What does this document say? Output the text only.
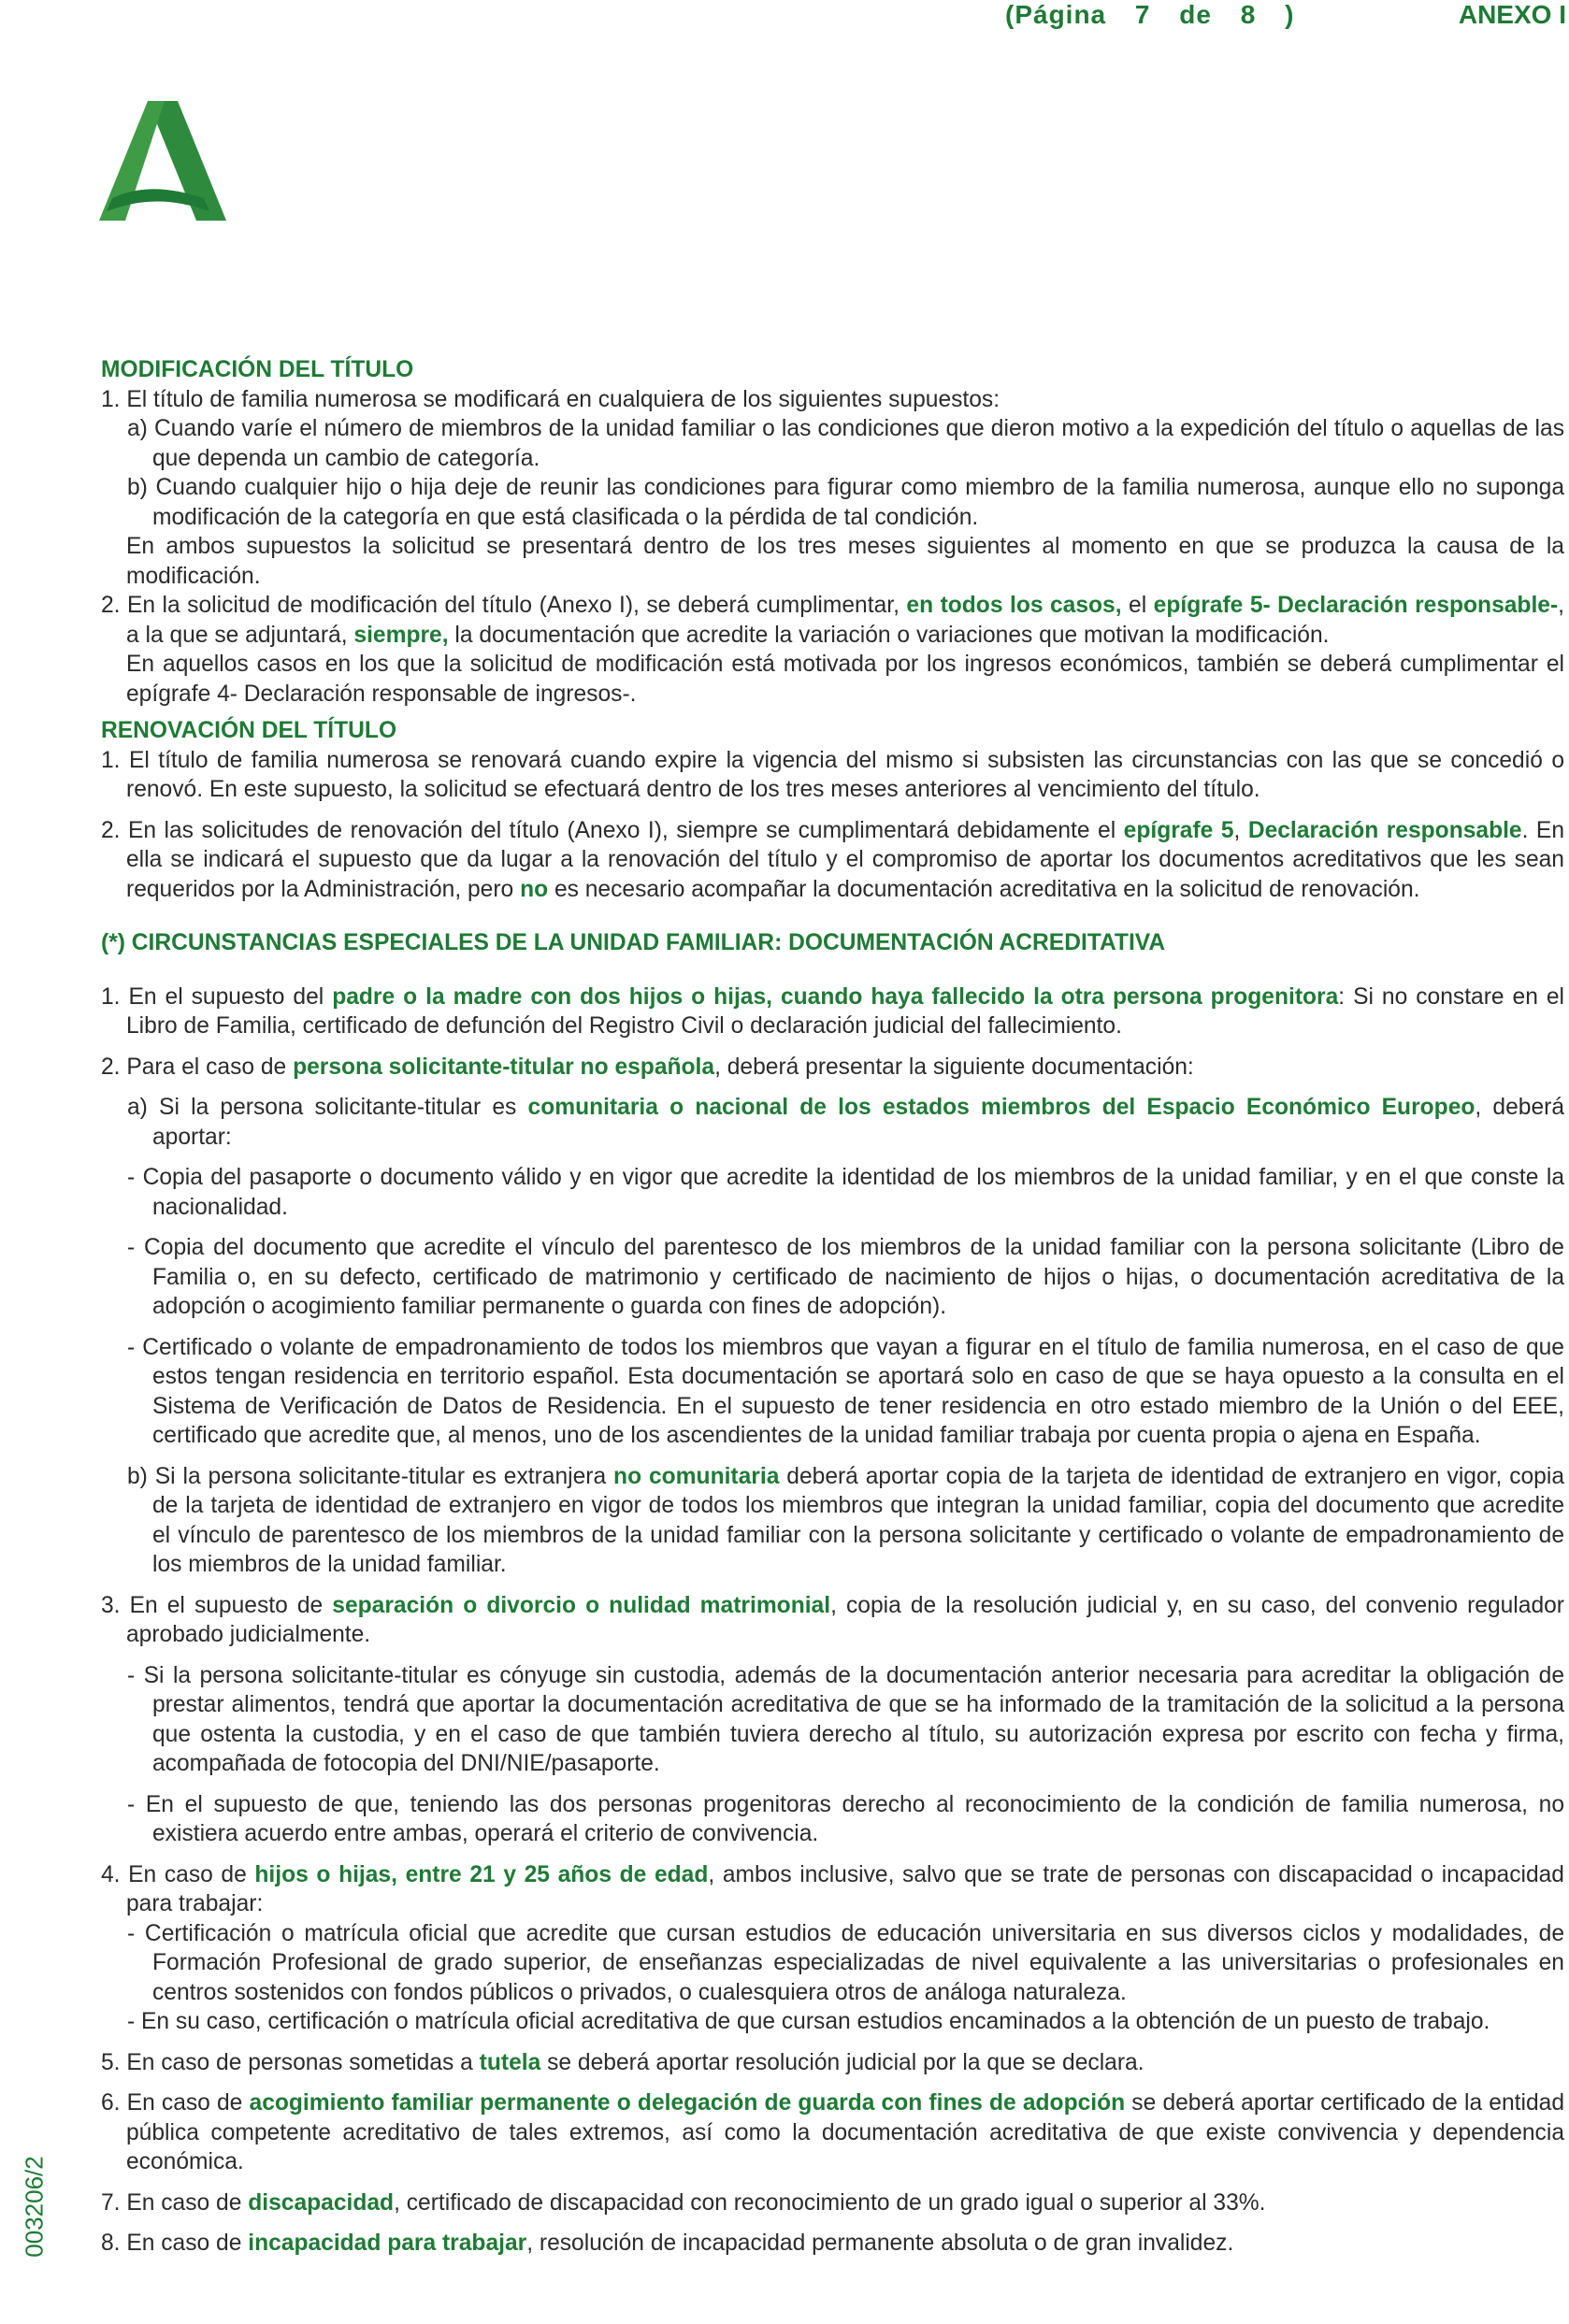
(Página 7 de 8 )	ANEXO I
003206/2

MODIFICACIÓN DEL TÍTULO

1. El título de familia numerosa se modificará en cualquiera de los siguientes supuestos:

a) Cuando varíe el número de miembros de la unidad familiar o las condiciones que dieron motivo a la expedición del título o aquellas de las que dependa un cambio de categoría.

b) Cuando cualquier hijo o hija deje de reunir las condiciones para figurar como miembro de la familia numerosa, aunque ello no suponga modificación de la categoría en que está clasificada o la pérdida de tal condición.

En ambos supuestos la solicitud se presentará dentro de los tres meses siguientes al momento en que se produzca la causa de la modificación.

2. En la solicitud de modificación del título (Anexo I), se deberá cumplimentar, en todos los casos, el epígrafe 5- Declaración responsable-, a la que se adjuntará, siempre, la documentación que acredite la variación o variaciones que motivan la modificación.

En aquellos casos en los que la solicitud de modificación está motivada por los ingresos económicos, también se deberá cumplimentar el epígrafe 4- Declaración responsable de ingresos-.

RENOVACIÓN DEL TÍTULO

1. El título de familia numerosa se renovará cuando expire la vigencia del mismo si subsisten las circunstancias con las que se concedió o renovó. En este supuesto, la solicitud se efectuará dentro de los tres meses anteriores al vencimiento del título.

2. En las solicitudes de renovación del título (Anexo I), siempre se cumplimentará debidamente el epígrafe 5, Declaración responsable. En ella se indicará el supuesto que da lugar a la renovación del título y el compromiso de aportar los documentos acreditativos que les sean requeridos por la Administración, pero no es necesario acompañar la documentación acreditativa en la solicitud de renovación.

(*) CIRCUNSTANCIAS ESPECIALES DE LA UNIDAD FAMILIAR: DOCUMENTACIÓN ACREDITATIVA

1. En el supuesto del padre o la madre con dos hijos o hijas, cuando haya fallecido la otra persona progenitora: Si no constare en el Libro de Familia, certificado de defunción del Registro Civil o declaración judicial del fallecimiento.

2. Para el caso de persona solicitante-titular no española, deberá presentar la siguiente documentación:

a) Si la persona solicitante-titular es comunitaria o nacional de los estados miembros del Espacio Económico Europeo, deberá aportar:

- Copia del pasaporte o documento válido y en vigor que acredite la identidad de los miembros de la unidad familiar, y en el que conste la nacionalidad.

- Copia del documento que acredite el vínculo del parentesco de los miembros de la unidad familiar con la persona solicitante (Libro de Familia o, en su defecto, certificado de matrimonio y certificado de nacimiento de hijos o hijas, o documentación acreditativa de la adopción o acogimiento familiar permanente o guarda con fines de adopción).

- Certificado o volante de empadronamiento de todos los miembros que vayan a figurar en el título de familia numerosa, en el caso de que estos tengan residencia en territorio español. Esta documentación se aportará solo en caso de que se haya opuesto a la consulta en el Sistema de Verificación de Datos de Residencia. En el supuesto de tener residencia en otro estado miembro de la Unión o del EEE, certificado que acredite que, al menos, uno de los ascendientes de la unidad familiar trabaja por cuenta propia o ajena en España.

b) Si la persona solicitante-titular es extranjera no comunitaria deberá aportar copia de la tarjeta de identidad de extranjero en vigor, copia de la tarjeta de identidad de extranjero en vigor de todos los miembros que integran la unidad familiar, copia del documento que acredite el vínculo de parentesco de los miembros de la unidad familiar con la persona solicitante y certificado o volante de empadronamiento de los miembros de la unidad familiar.

3. En el supuesto de separación o divorcio o nulidad matrimonial, copia de la resolución judicial y, en su caso, del convenio regulador aprobado judicialmente.

- Si la persona solicitante-titular es cónyuge sin custodia, además de la documentación anterior necesaria para acreditar la obligación de prestar alimentos, tendrá que aportar la documentación acreditativa de que se ha informado de la tramitación de la solicitud a la persona que ostenta la custodia, y en el caso de que también tuviera derecho al título, su autorización expresa por escrito con fecha y firma, acompañada de fotocopia del DNI/NIE/pasaporte.

- En el supuesto de que, teniendo las dos personas progenitoras derecho al reconocimiento de la condición de familia numerosa, no existiera acuerdo entre ambas, operará el criterio de convivencia.

4. En caso de hijos o hijas, entre 21 y 25 años de edad, ambos inclusive, salvo que se trate de personas con discapacidad o incapacidad para trabajar:

- Certificación o matrícula oficial que acredite que cursan estudios de educación universitaria en sus diversos ciclos y modalidades, de Formación Profesional de grado superior, de enseñanzas especializadas de nivel equivalente a las universitarias o profesionales en centros sostenidos con fondos públicos o privados, o cualesquiera otros de análoga naturaleza.

- En su caso, certificación o matrícula oficial acreditativa de que cursan estudios encaminados a la obtención de un puesto de trabajo.

5. En caso de personas sometidas a tutela se deberá aportar resolución judicial por la que se declara.

6. En caso de acogimiento familiar permanente o delegación de guarda con fines de adopción se deberá aportar certificado de la entidad pública competente acreditativo de tales extremos, así como la documentación acreditativa de que existe convivencia y dependencia económica.

7. En caso de discapacidad, certificado de discapacidad con reconocimiento de un grado igual o superior al 33%.

8. En caso de incapacidad para trabajar, resolución de incapacidad permanente absoluta o de gran invalidez.
